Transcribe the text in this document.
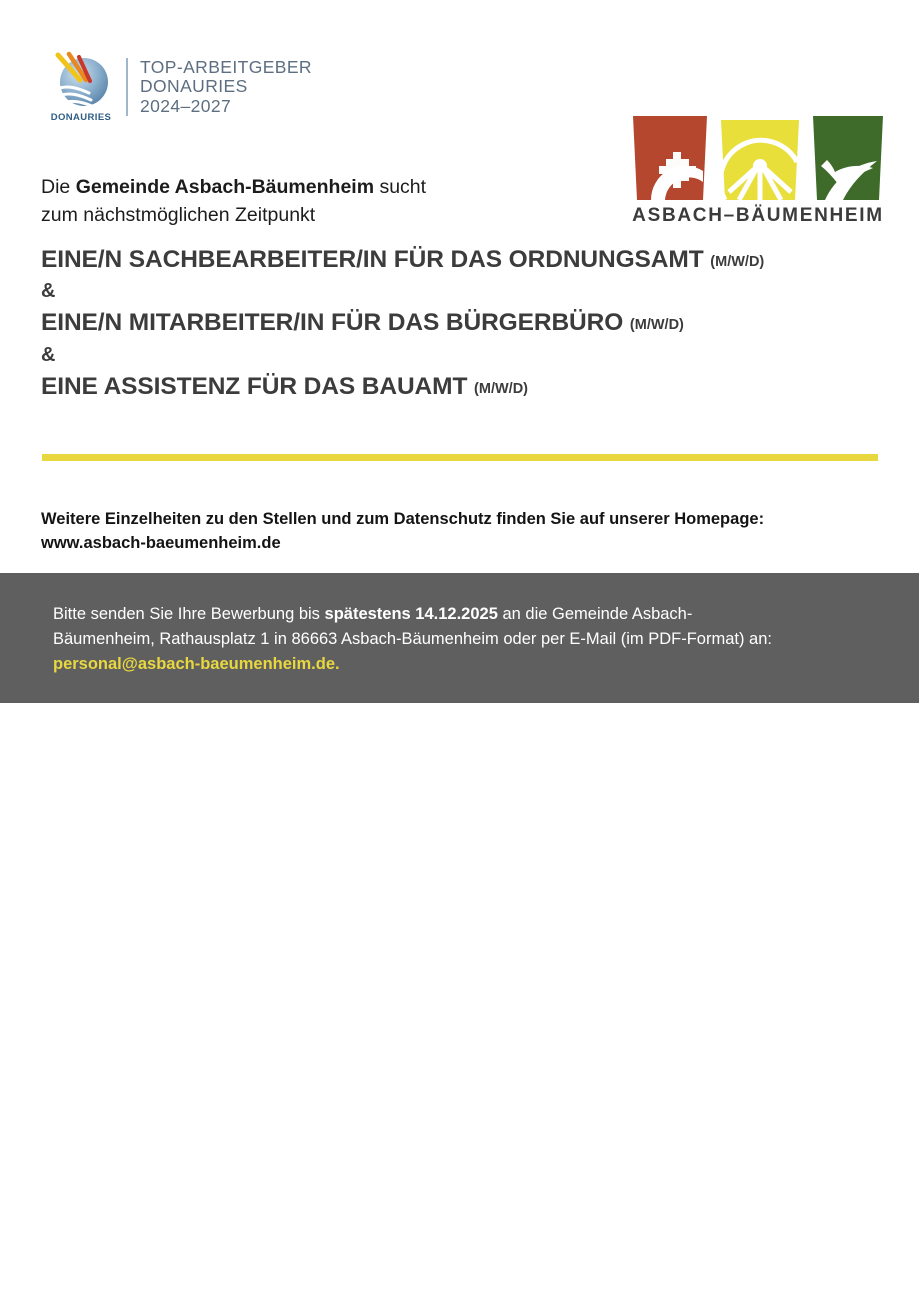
DONAURIES
TOP-ARBEITGEBER
DONAURIES
2024–2027
ASBACH–BÄUMENHEIM
Die Gemeinde Asbach-Bäumenheim sucht
zum nächstmöglichen Zeitpunkt
EINE/N SACHBEARBEITER/IN FÜR DAS ORDNUNGSAMT (M/W/D)
&
EINE/N MITARBEITER/IN FÜR DAS BÜRGERBÜRO (M/W/D)
&
EINE ASSISTENZ FÜR DAS BAUAMT (M/W/D)
Weitere Einzelheiten zu den Stellen und zum Datenschutz finden Sie auf unserer Homepage:
www.asbach-baeumenheim.de
Bitte senden Sie Ihre Bewerbung bis spätestens 14.12.2025 an die Gemeinde Asbach-
Bäumenheim, Rathausplatz 1 in 86663 Asbach-Bäumenheim oder per E-Mail (im PDF-Format) an:
personal@asbach-baeumenheim.de.
